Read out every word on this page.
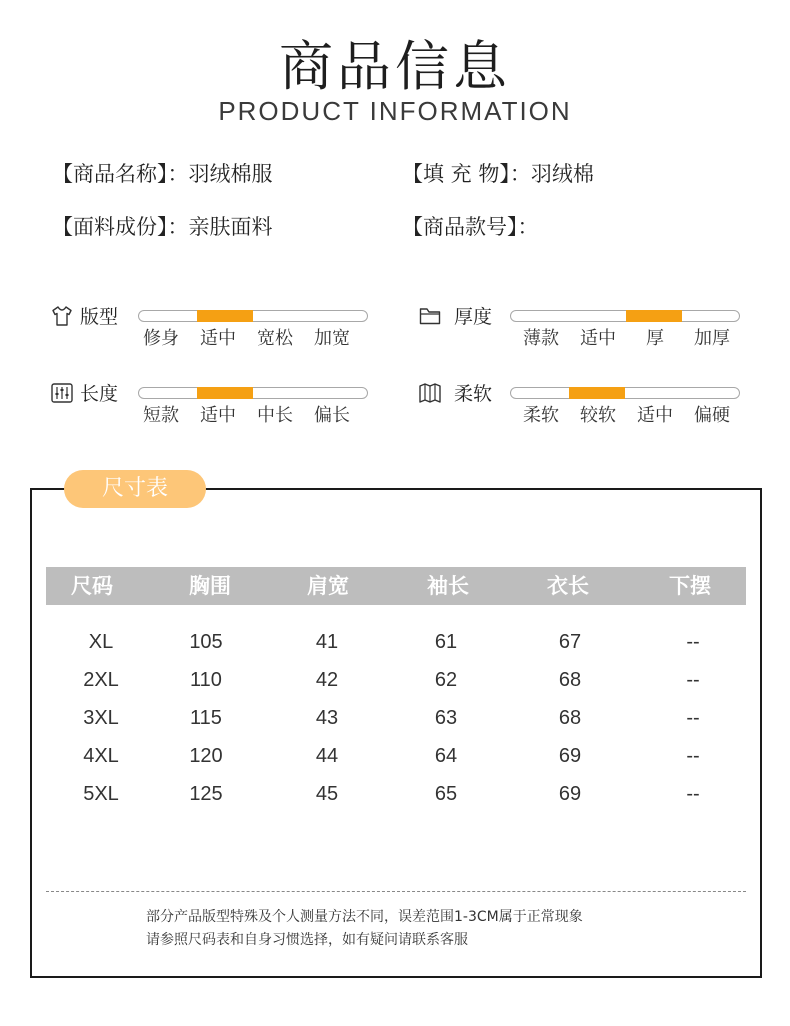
商品信息
PRODUCT INFORMATION
【商品名称】：羽绒棉服	【填 充 物】：羽绒棉
【面料成份】：亲肤面料	【商品款号】：
版型
修身 适中 宽松 加宽
厚度
薄款 适中 厚 加厚
长度
短款 适中 中长 偏长
柔软
柔软 较软 适中 偏硬
尺寸表
尺码	胸围	肩宽	袖长	衣长	下摆
XL	105	41	61	67	--
2XL	110	42	62	68	--
3XL	115	43	63	68	--
4XL	120	44	64	69	--
5XL	125	45	65	69	--
部分产品版型特殊及个人测量方法不同，误差范围1-3CM属于正常现象
请参照尺码表和自身习惯选择，如有疑问请联系客服
